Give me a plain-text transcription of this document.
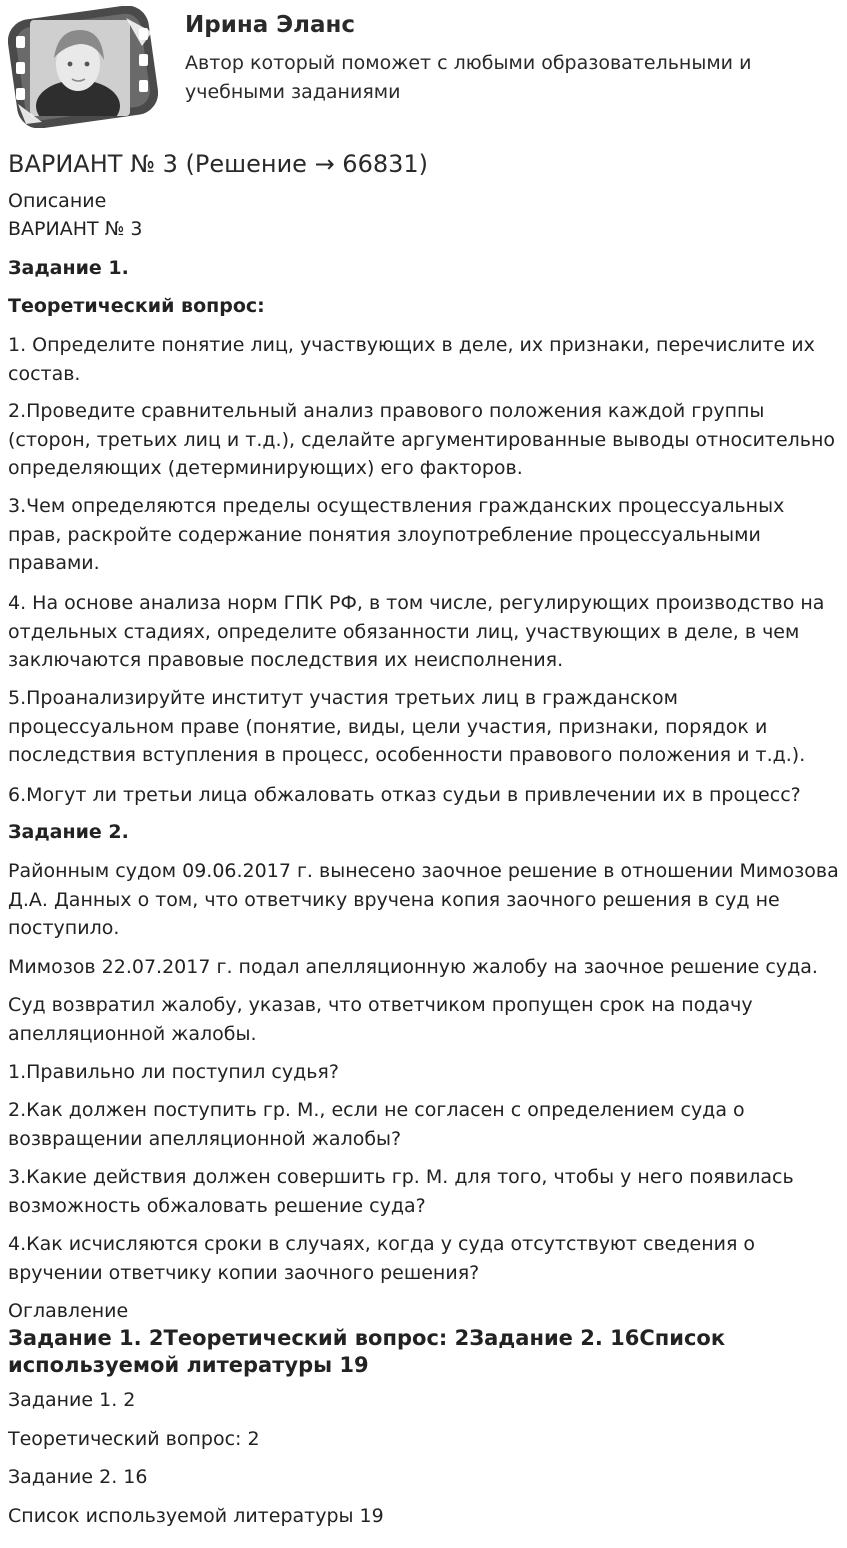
Ирина Эланс
Автор который поможет с любыми образовательными и учебными заданиями
ВАРИАНТ № 3 (Решение → 66831)
Описание
ВАРИАНТ № 3
Задание 1.
Теоретический вопрос:
1. Определите понятие лиц, участвующих в деле, их признаки, перечислите их состав.
2.Проведите сравнительный анализ правового положения каждой группы (сторон, третьих лиц и т.д.), сделайте аргументированные выводы относительно определяющих (детерминирующих) его факторов.
3.Чем определяются пределы осуществления гражданских процессуальных прав, раскройте содержание понятия злоупотребление процессуальными правами.
4. На основе анализа норм ГПК РФ, в том числе, регулирующих производство на отдельных стадиях, определите обязанности лиц, участвующих в деле, в чем заключаются правовые последствия их неисполнения.
5.Проанализируйте институт участия третьих лиц в гражданском процессуальном праве (понятие, виды, цели участия, признаки, порядок и последствия вступления в процесс, особенности правового положения и т.д.).
6.Могут ли третьи лица обжаловать отказ судьи в привлечении их в процесс?
Задание 2.
Районным судом 09.06.2017 г. вынесено заочное решение в отношении Мимозова Д.А. Данных о том, что ответчику вручена копия заочного решения в суд не поступило.
Мимозов 22.07.2017 г. подал апелляционную жалобу на заочное решение суда.
Суд возвратил жалобу, указав, что ответчиком пропущен срок на подачу апелляционной жалобы.
1.Правильно ли поступил судья?
2.Как должен поступить гр. М., если не согласен с определением суда о возвращении апелляционной жалобы?
3.Какие действия должен совершить гр. М. для того, чтобы у него появилась возможность обжаловать решение суда?
4.Как исчисляются сроки в случаях, когда у суда отсутствуют сведения о вручении ответчику копии заочного решения?
Оглавление
Задание 1. 2Теоретический вопрос: 2Задание 2. 16Список используемой литературы 19
Задание 1. 2
Теоретический вопрос: 2
Задание 2. 16
Список используемой литературы 19
